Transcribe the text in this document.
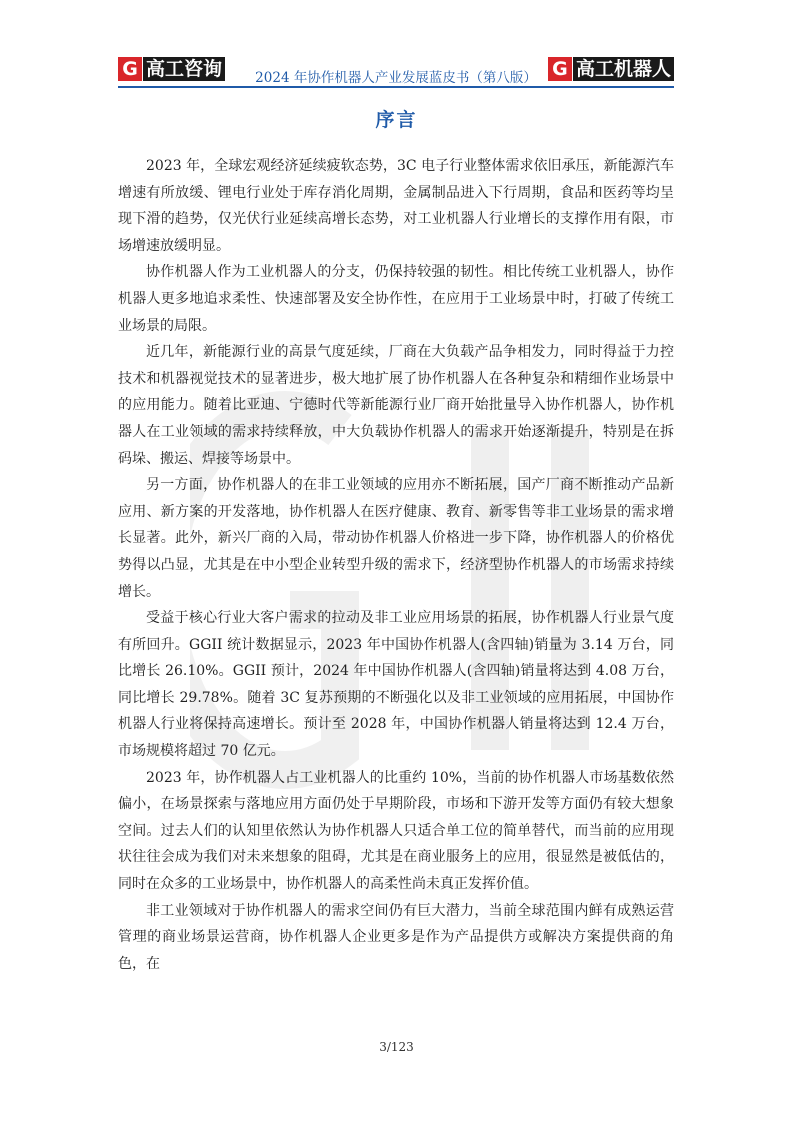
G 高工咨询	2024 年协作机器人产业发展蓝皮书（第八版） G 高工机器人
序言

2023 年，全球宏观经济延续疲软态势，3C 电子行业整体需求依旧承压，新能源汽车增速有所放缓、锂电行业处于库存消化周期，金属制品进入下行周期，食品和医药等均呈现下滑的趋势，仅光伏行业延续高增长态势，对工业机器人行业增长的支撑作用有限，市场增速放缓明显。

协作机器人作为工业机器人的分支，仍保持较强的韧性。相比传统工业机器人，协作机器人更多地追求柔性、快速部署及安全协作性，在应用于工业场景中时，打破了传统工业场景的局限。

近几年，新能源行业的高景气度延续，厂商在大负载产品争相发力，同时得益于力控技术和机器视觉技术的显著进步，极大地扩展了协作机器人在各种复杂和精细作业场景中的应用能力。随着比亚迪、宁德时代等新能源行业厂商开始批量导入协作机器人，协作机器人在工业领域的需求持续释放，中大负载协作机器人的需求开始逐渐提升，特别是在拆码垛、搬运、焊接等场景中。

另一方面，协作机器人的在非工业领域的应用亦不断拓展，国产厂商不断推动产品新应用、新方案的开发落地，协作机器人在医疗健康、教育、新零售等非工业场景的需求增长显著。此外，新兴厂商的入局，带动协作机器人价格进一步下降，协作机器人的价格优势得以凸显，尤其是在中小型企业转型升级的需求下，经济型协作机器人的市场需求持续增长。

受益于核心行业大客户需求的拉动及非工业应用场景的拓展，协作机器人行业景气度有所回升。GGII 统计数据显示，2023 年中国协作机器人(含四轴)销量为 3.14 万台，同比增长 26.10%。GGII 预计，2024 年中国协作机器人(含四轴)销量将达到 4.08 万台，同比增长 29.78%。随着 3C 复苏预期的不断强化以及非工业领域的应用拓展，中国协作机器人行业将保持高速增长。预计至 2028 年，中国协作机器人销量将达到 12.4 万台，市场规模将超过 70 亿元。

2023 年，协作机器人占工业机器人的比重约 10%，当前的协作机器人市场基数依然偏小，在场景探索与落地应用方面仍处于早期阶段，市场和下游开发等方面仍有较大想象空间。过去人们的认知里依然认为协作机器人只适合单工位的简单替代，而当前的应用现状往往会成为我们对未来想象的阻碍，尤其是在商业服务上的应用，很显然是被低估的，同时在众多的工业场景中，协作机器人的高柔性尚未真正发挥价值。

非工业领域对于协作机器人的需求空间仍有巨大潜力，当前全球范围内鲜有成熟运营管理的商业场景运营商，协作机器人企业更多是作为产品提供方或解决方案提供商的角色，在

3/123
